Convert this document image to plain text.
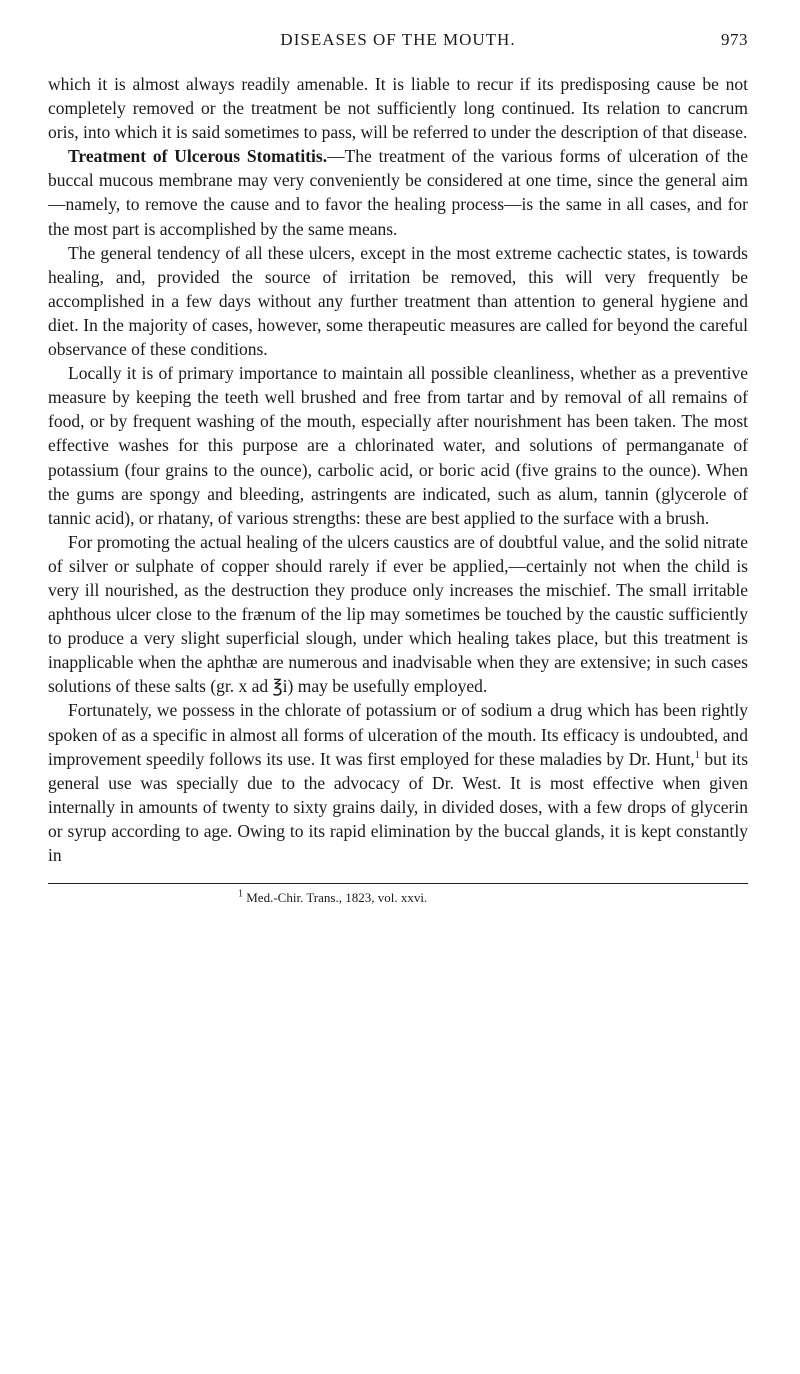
DISEASES OF THE MOUTH.	973

which it is almost always readily amenable. It is liable to recur if its predisposing cause be not completely removed or the treatment be not sufficiently long continued. Its relation to cancrum oris, into which it is said sometimes to pass, will be referred to under the description of that disease.

Treatment of Ulcerous Stomatitis.—The treatment of the various forms of ulceration of the buccal mucous membrane may very conveniently be considered at one time, since the general aim—namely, to remove the cause and to favor the healing process—is the same in all cases, and for the most part is accomplished by the same means.

The general tendency of all these ulcers, except in the most extreme cachectic states, is towards healing, and, provided the source of irritation be removed, this will very frequently be accomplished in a few days without any further treatment than attention to general hygiene and diet. In the majority of cases, however, some therapeutic measures are called for beyond the careful observance of these conditions.

Locally it is of primary importance to maintain all possible cleanliness, whether as a preventive measure by keeping the teeth well brushed and free from tartar and by removal of all remains of food, or by frequent washing of the mouth, especially after nourishment has been taken. The most effective washes for this purpose are a chlorinated water, and solutions of permanganate of potassium (four grains to the ounce), carbolic acid, or boric acid (five grains to the ounce). When the gums are spongy and bleeding, astringents are indicated, such as alum, tannin (glycerole of tannic acid), or rhatany, of various strengths: these are best applied to the surface with a brush.

For promoting the actual healing of the ulcers caustics are of doubtful value, and the solid nitrate of silver or sulphate of copper should rarely if ever be applied,—certainly not when the child is very ill nourished, as the destruction they produce only increases the mischief. The small irritable aphthous ulcer close to the frænum of the lip may sometimes be touched by the caustic sufficiently to produce a very slight superficial slough, under which healing takes place, but this treatment is inapplicable when the aphthæ are numerous and inadvisable when they are extensive; in such cases solutions of these salts (gr. x ad ℥i) may be usefully employed.

Fortunately, we possess in the chlorate of potassium or of sodium a drug which has been rightly spoken of as a specific in almost all forms of ulceration of the mouth. Its efficacy is undoubted, and improvement speedily follows its use. It was first employed for these maladies by Dr. Hunt,$^1$ but its general use was specially due to the advocacy of Dr. West. It is most effective when given internally in amounts of twenty to sixty grains daily, in divided doses, with a few drops of glycerin or syrup according to age. Owing to its rapid elimination by the buccal glands, it is kept constantly in

$^1$ Med.-Chir. Trans., 1823, vol. xxvi.
